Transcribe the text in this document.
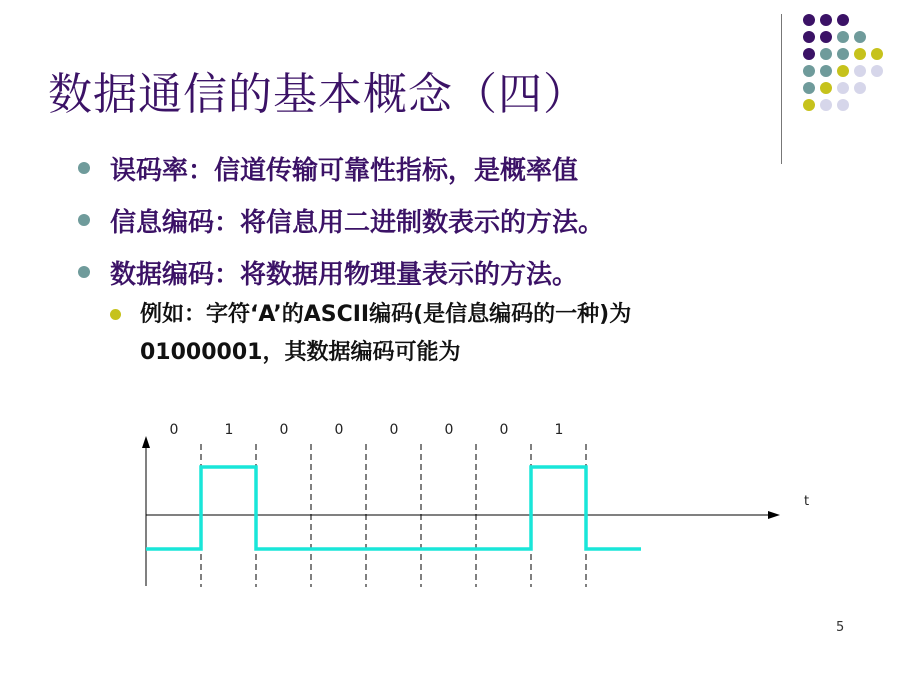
数据通信的基本概念（四）
误码率：信道传输可靠性指标，是概率值
信息编码：将信息用二进制数表示的方法。
数据编码：将数据用物理量表示的方法。
例如：字符‘A’的ASCII编码(是信息编码的一种)为
01000001，其数据编码可能为
0	1	0	0	0	0	0	1
t
5
